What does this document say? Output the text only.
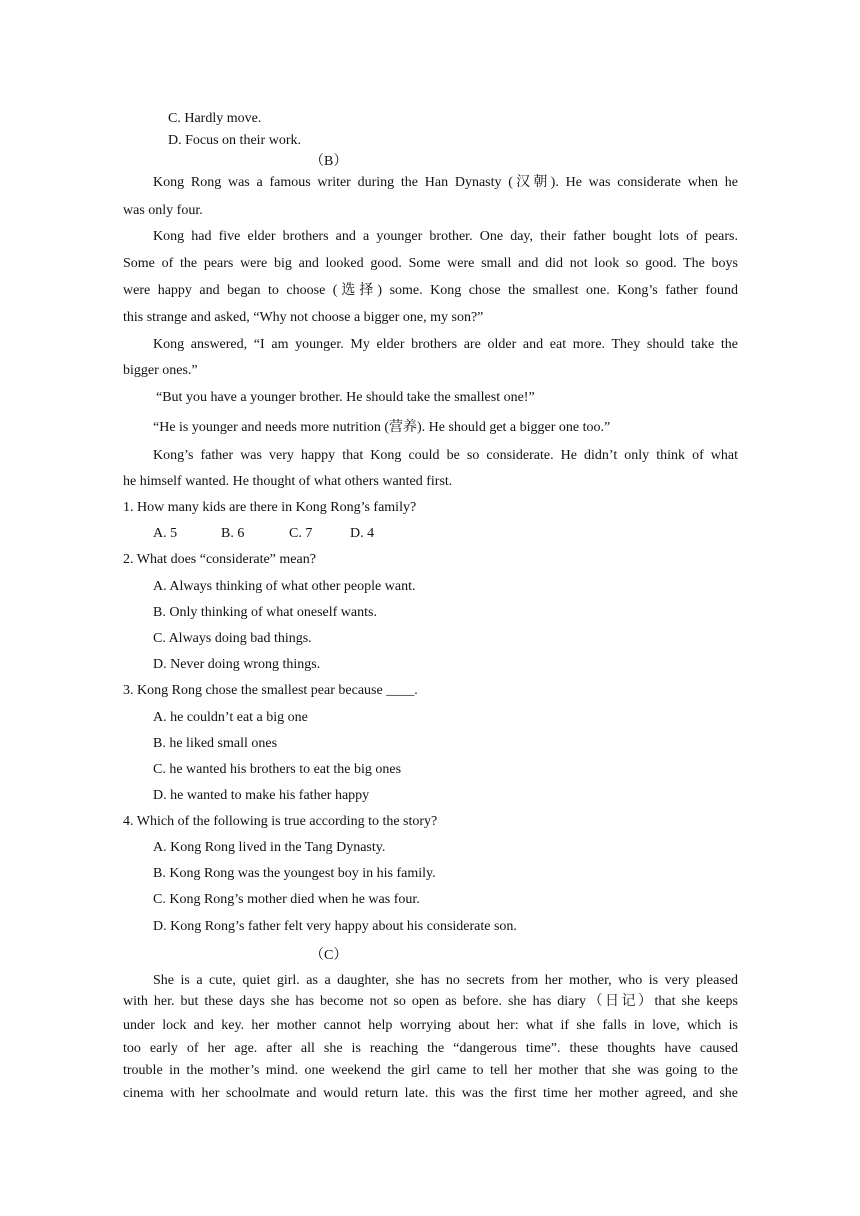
C. Hardly move.
D. Focus on their work.
（B）
Kong Rong was a famous writer during the Han Dynasty (汉朝). He was considerate when he
was only four.
Kong had five elder brothers and a younger brother. One day, their father bought lots of pears.
Some of the pears were big and looked good. Some were small and did not look so good. The boys
were happy and began to choose (选择) some. Kong chose the smallest one. Kong’s father found
this strange and asked, “Why not choose a bigger one, my son?”
Kong answered, “I am younger. My elder brothers are older and eat more. They should take the
bigger ones.”
“But you have a younger brother. He should take the smallest one!”
“He is younger and needs more nutrition (营养). He should get a bigger one too.”
Kong’s father was very happy that Kong could be so considerate. He didn’t only think of what
he himself wanted. He thought of what others wanted first.
1. How many kids are there in Kong Rong’s family?
A. 5	B. 6	C. 7	D. 4
2. What does “considerate” mean?
A. Always thinking of what other people want.
B. Only thinking of what oneself wants.
C. Always doing bad things.
D. Never doing wrong things.
3. Kong Rong chose the smallest pear because ____.
A. he couldn’t eat a big one
B. he liked small ones
C. he wanted his brothers to eat the big ones
D. he wanted to make his father happy
4. Which of the following is true according to the story?
A. Kong Rong lived in the Tang Dynasty.
B. Kong Rong was the youngest boy in his family.
C. Kong Rong’s mother died when he was four.
D. Kong Rong’s father felt very happy about his considerate son.
（C）
She is a cute, quiet girl. as a daughter, she has no secrets from her mother, who is very pleased
with her. but these days she has become not so open as before. she has diary（日记）that she keeps
under lock and key. her mother cannot help worrying about her: what if she falls in love, which is
too early of her age. after all she is reaching the “dangerous time”. these thoughts have caused
trouble in the mother’s mind. one weekend the girl came to tell her mother that she was going to the
cinema with her schoolmate and would return late. this was the first time her mother agreed, and she
